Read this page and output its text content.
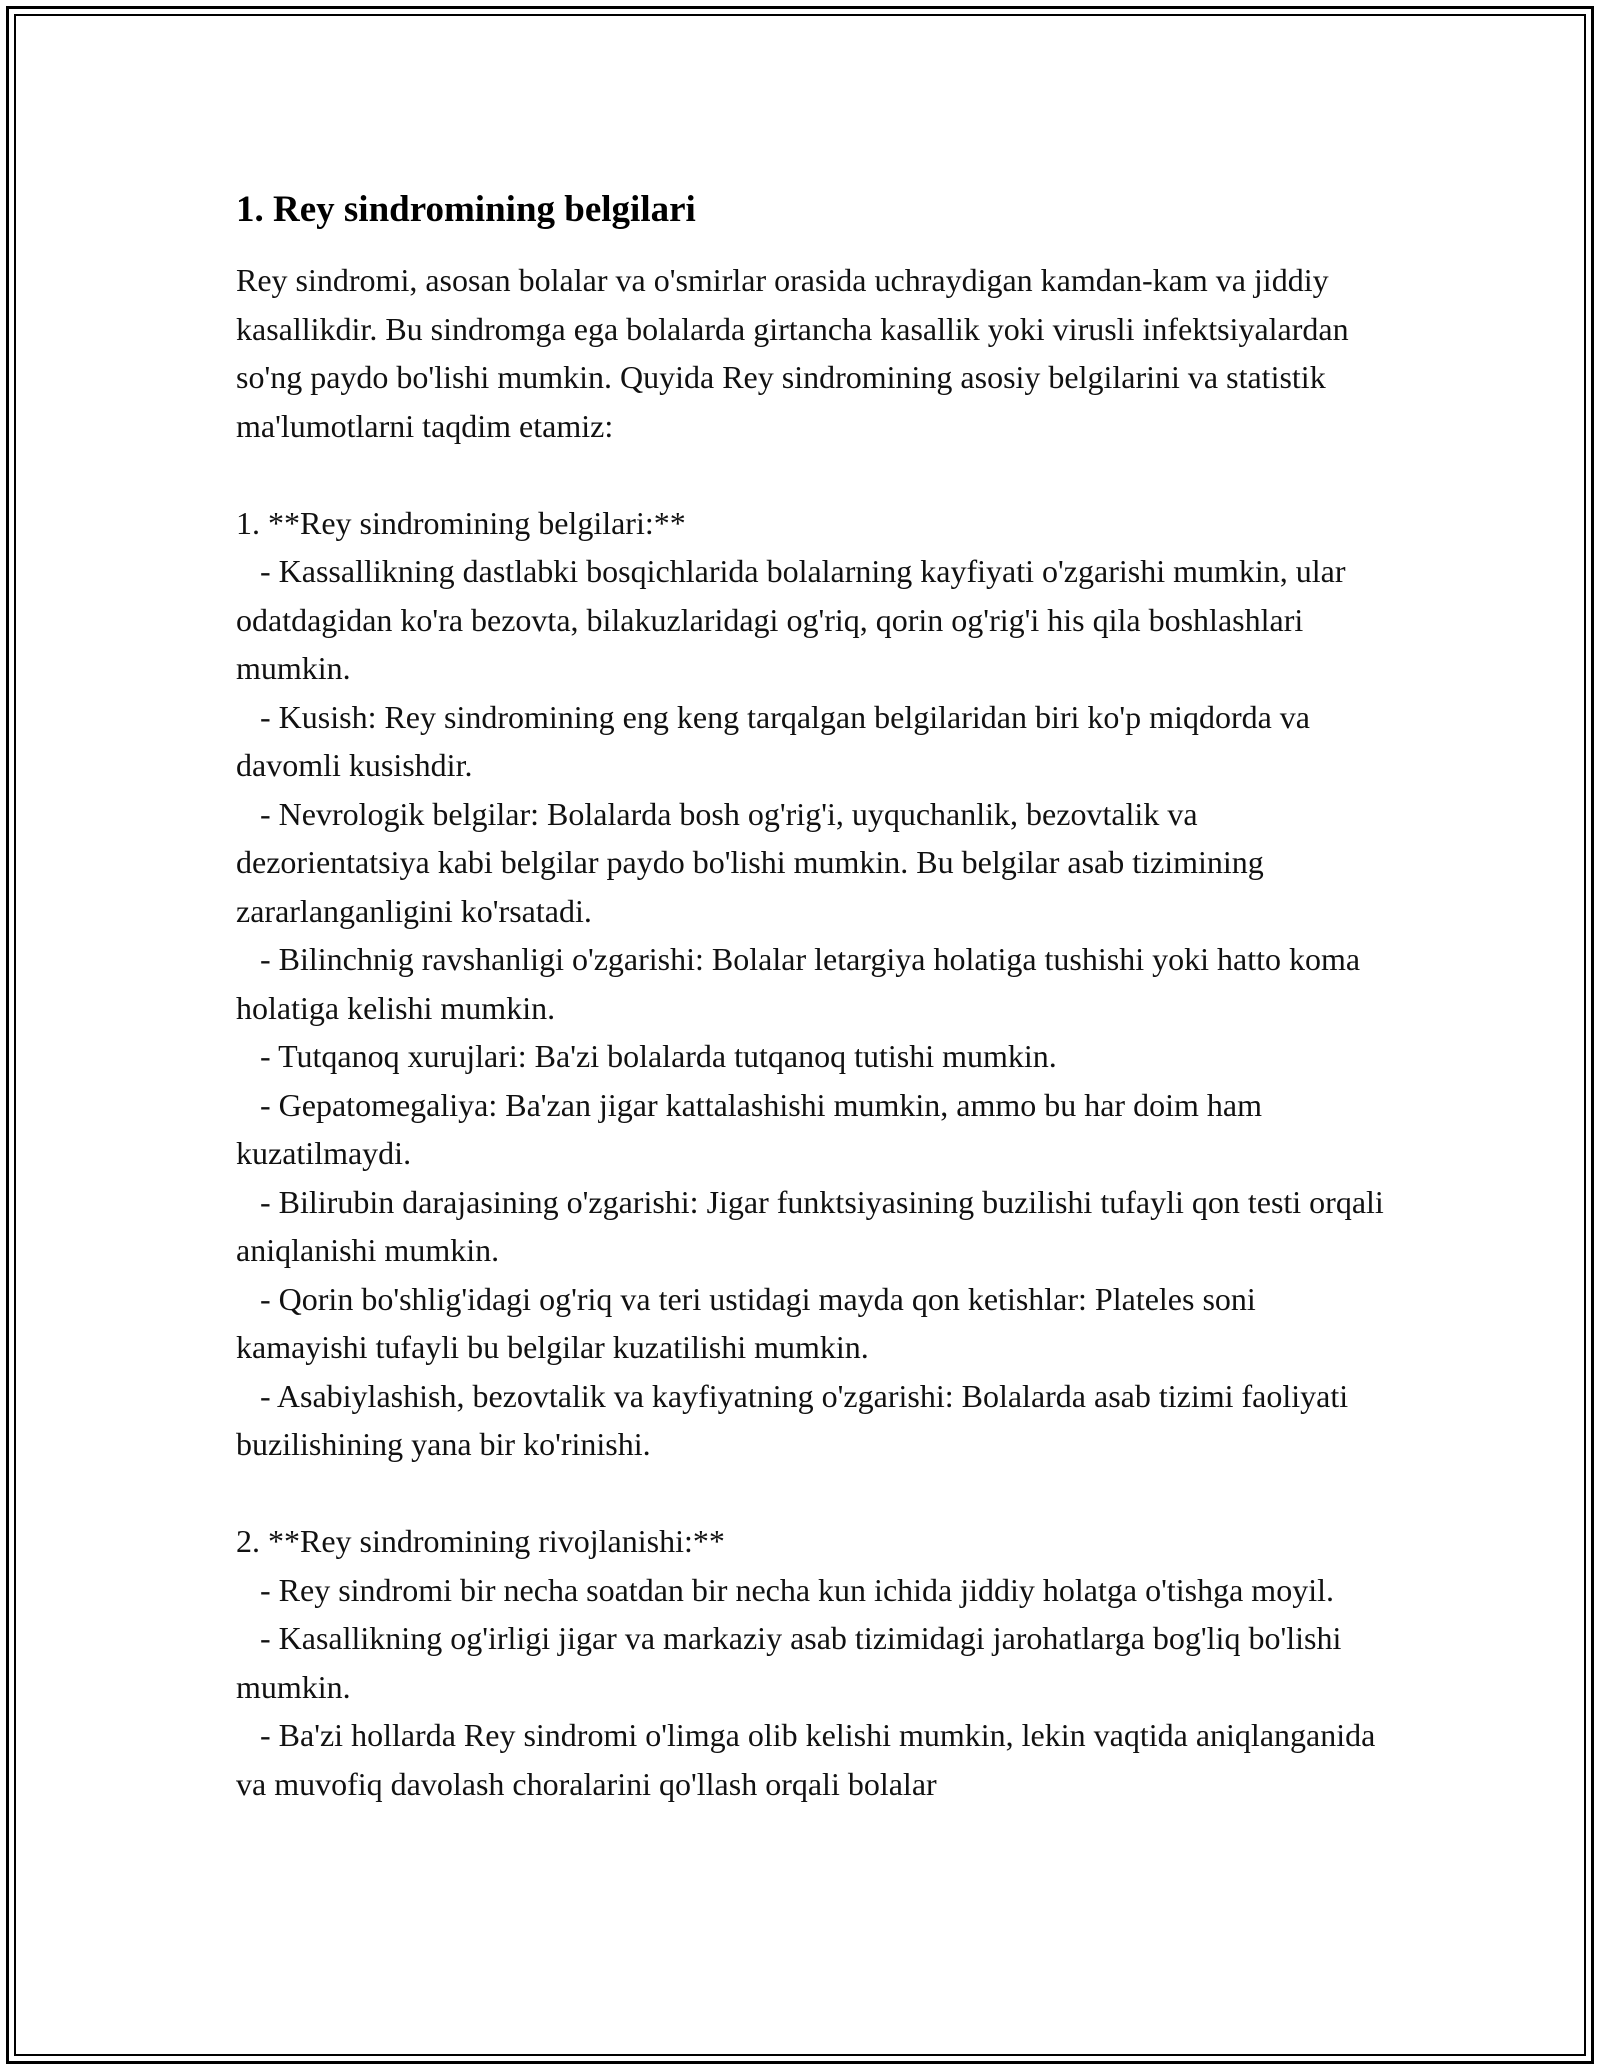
1. Rey sindromining belgilari

Rey sindromi, asosan bolalar va o'smirlar orasida uchraydigan kamdan-kam va jiddiy kasallikdir. Bu sindromga ega bolalarda girtancha kasallik yoki virusli infektsiyalardan so'ng paydo bo'lishi mumkin. Quyida Rey sindromining asosiy belgilarini va statistik ma'lumotlarni taqdim etamiz:

1. **Rey sindromining belgilari:**

- Kassallikning dastlabki bosqichlarida bolalarning kayfiyati o'zgarishi mumkin, ular odatdagidan ko'ra bezovta, bilakuzlaridagi og'riq, qorin og'rig'i his qila boshlashlari mumkin.

- Kusish: Rey sindromining eng keng tarqalgan belgilaridan biri ko'p miqdorda va davomli kusishdir.

- Nevrologik belgilar: Bolalarda bosh og'rig'i, uyquchanlik, bezovtalik va dezorientatsiya kabi belgilar paydo bo'lishi mumkin. Bu belgilar asab tizimining zararlanganligini ko'rsatadi.

- Bilinchnig ravshanligi o'zgarishi: Bolalar letargiya holatiga tushishi yoki hatto koma holatiga kelishi mumkin.

- Tutqanoq xurujlari: Ba'zi bolalarda tutqanoq tutishi mumkin.

- Gepatomegaliya: Ba'zan jigar kattalashishi mumkin, ammo bu har doim ham kuzatilmaydi.

- Bilirubin darajasining o'zgarishi: Jigar funktsiyasining buzilishi tufayli qon testi orqali aniqlanishi mumkin.

- Qorin bo'shlig'idagi og'riq va teri ustidagi mayda qon ketishlar: Plateles soni kamayishi tufayli bu belgilar kuzatilishi mumkin.

- Asabiylashish, bezovtalik va kayfiyatning o'zgarishi: Bolalarda asab tizimi faoliyati buzilishining yana bir ko'rinishi.

2. **Rey sindromining rivojlanishi:**

- Rey sindromi bir necha soatdan bir necha kun ichida jiddiy holatga o'tishga moyil.

- Kasallikning og'irligi jigar va markaziy asab tizimidagi jarohatlarga bog'liq bo'lishi mumkin.

- Ba'zi hollarda Rey sindromi o'limga olib kelishi mumkin, lekin vaqtida aniqlanganida va muvofiq davolash choralarini qo'llash orqali bolalar
